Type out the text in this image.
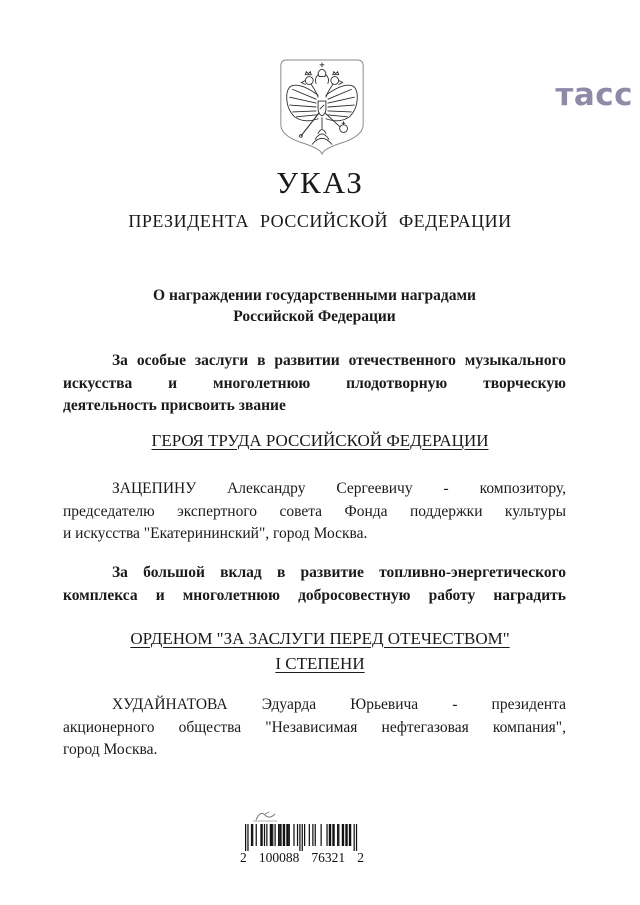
тасс
УКАЗ
ПРЕЗИДЕНТА РОССИЙСКОЙ ФЕДЕРАЦИИ
О награждении государственными наградами
Российской Федерации
За особые заслуги в развитии отечественного музыкального
искусства и многолетнюю плодотворную творческую
деятельность присвоить звание
ГЕРОЯ ТРУДА РОССИЙСКОЙ ФЕДЕРАЦИИ
ЗАЦЕПИНУ Александру Сергеевичу - композитору,
председателю экспертного совета Фонда поддержки культуры
и искусства "Екатерининский", город Москва.
За большой вклад в развитие топливно-энергетического
комплекса и многолетнюю добросовестную работу наградить
ОРДЕНОМ "ЗА ЗАСЛУГИ ПЕРЕД ОТЕЧЕСТВОМ"
I СТЕПЕНИ
ХУДАЙНАТОВА Эдуарда Юрьевича - президента
акционерного общества "Независимая нефтегазовая компания",
город Москва.
2 100088 76321 2
